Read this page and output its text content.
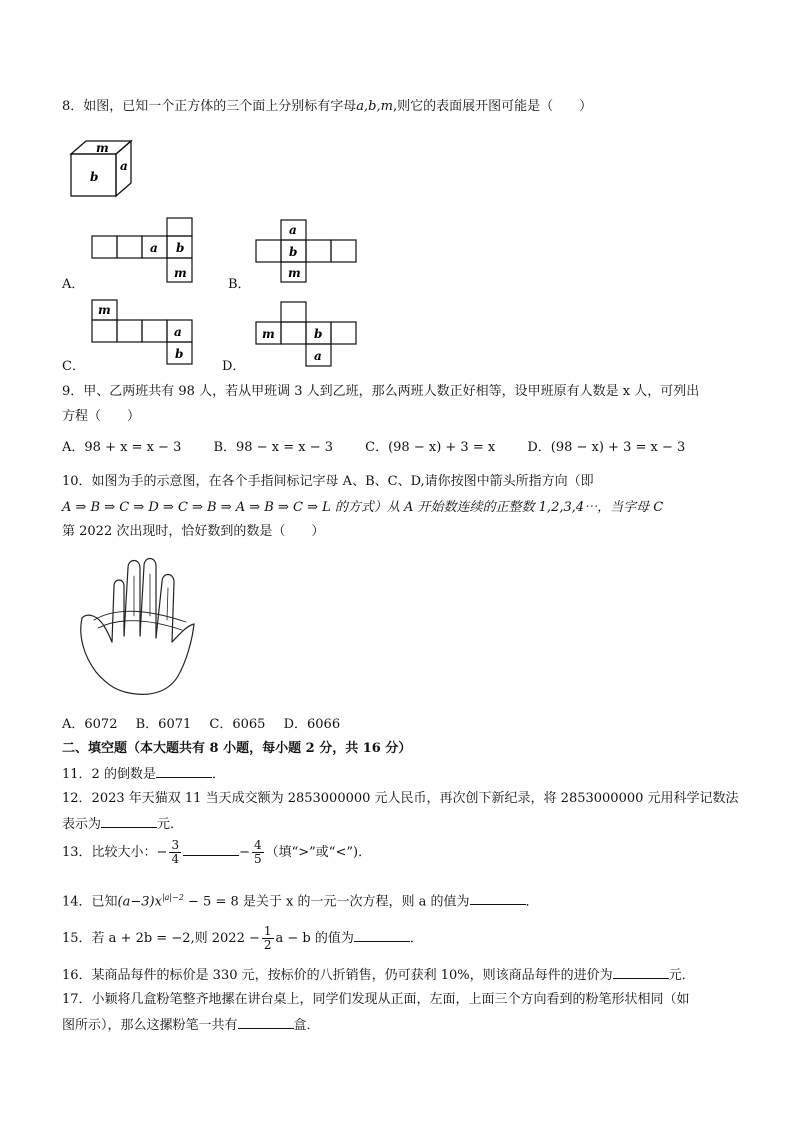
8．如图，已知一个正方体的三个面上分别标有字母a,b,m,则它的表面展开图可能是（　　）
m
a
b
A．
a b
m
B．
a
b
m
C．
m
a
b
D．
m	b
a
9．甲、乙两班共有 98 人，若从甲班调 3 人到乙班，那么两班人数正好相等，设甲班原有人数是 x 人，可列出
方程（　　）
A．98 + x = x − 3 B．98 − x = x − 3 C．(98 − x) + 3 = x D．(98 − x) + 3 = x − 3
10．如图为手的示意图，在各个手指间标记字母 A、B、C、D,请你按图中箭头所指方向（即
A ⇒ B ⇒ C ⇒ D ⇒ C ⇒ B ⇒ A ⇒ B ⇒ C ⇒ L 的方式）从 A 开始数连续的正整数 1,2,3,4⋯，当字母 C
第 2022 次出现时，恰好数到的数是（　　）
A．6072 B．6071 C．6065 D．6066
二、填空题（本大题共有 8 小题，每小题 2 分，共 16 分）
11．2 的倒数是	．
12．2023 年天猫双 11 当天成交额为 2853000000 元人民币，再次创下新纪录，将 2853000000 元用科学记数法
表示为	元．
13．比较大小：− $\frac{3}{4}$	− $\frac{4}{5}$ （填“>”或“<”)．
14．已知$(a-3)x^{|a|-2} - 5 = 8$ 是关于 x 的一元一次方程，则 a 的值为	．
15．若 a + 2b = −2,则 $2022 - \frac{1}{2}$ a − b 的值为	．
16．某商品每件的标价是 330 元，按标价的八折销售，仍可获利 10%，则该商品每件的进价为	元．
17．小颖将几盒粉笔整齐地摞在讲台桌上，同学们发现从正面，左面，上面三个方向看到的粉笔形状相同（如
图所示），那么这摞粉笔一共有	盒．
